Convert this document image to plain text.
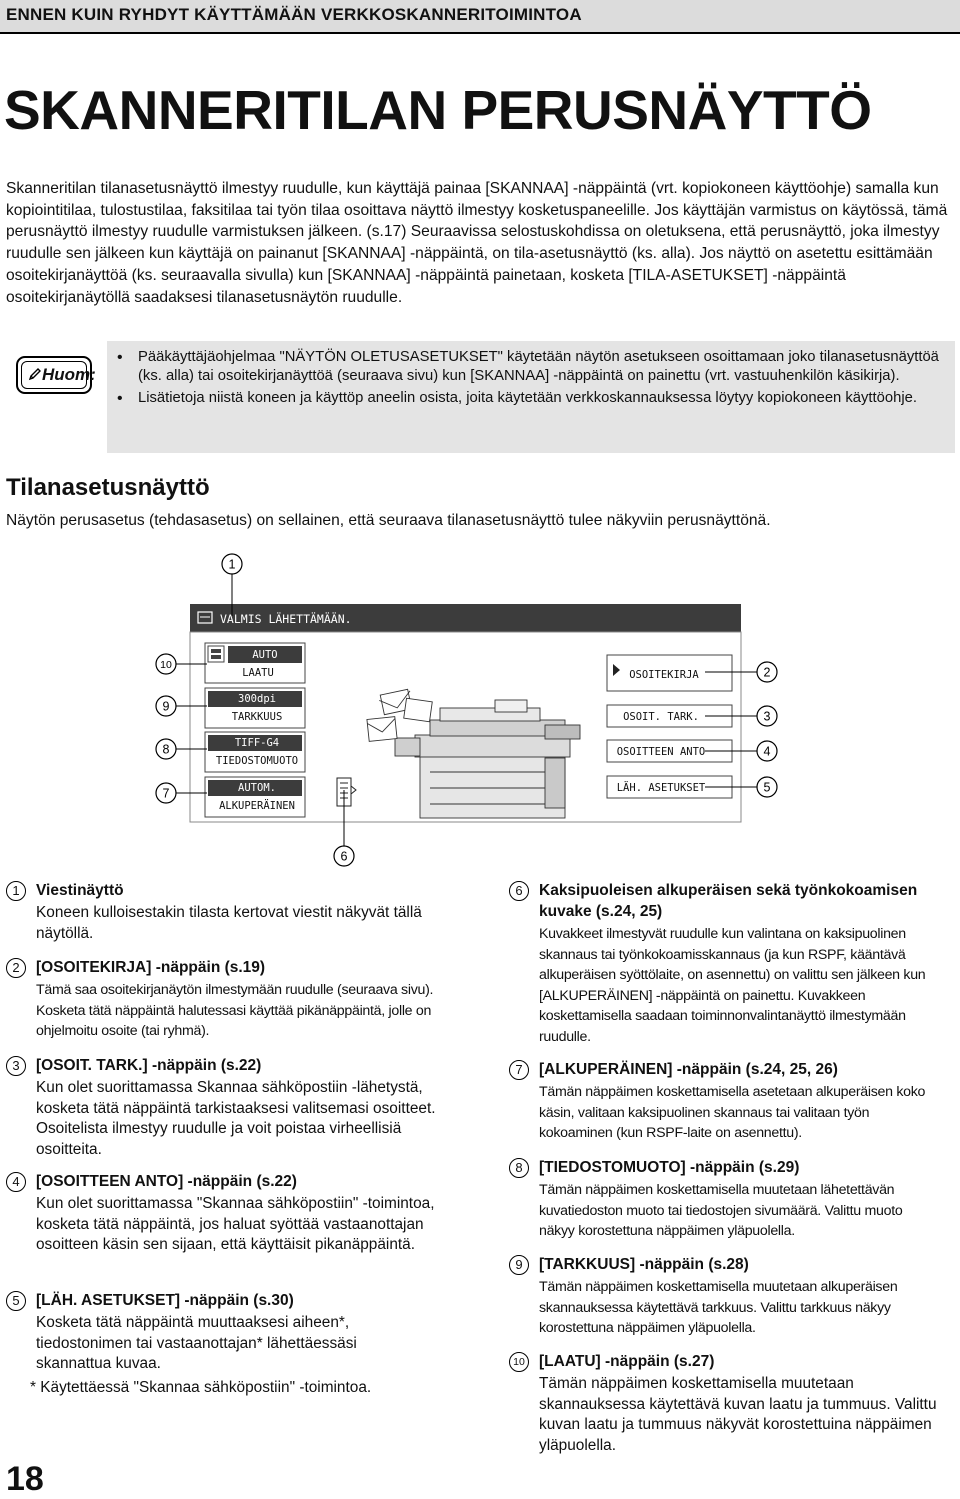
ENNEN KUIN RYHDYT KÄYTTÄMÄÄN VERKKOSKANNERITOIMINTOA
SKANNERITILAN PERUSNÄYTTÖ
Skanneritilan tilanasetusnäyttö ilmestyy ruudulle, kun käyttäjä painaa [SKANNAA] -näppäintä (vrt. kopiokoneen käyttöohje) samalla kun kopiointitilaa, tulostustilaa, faksitilaa tai työn tilaa osoittava näyttö ilmestyy kosketuspaneelille. Jos käyttäjän varmistus on käytössä, tämä perusnäyttö ilmestyy ruudulle varmistuksen jälkeen. (s.17) Seuraavissa selostuskohdissa on oletuksena, että perusnäyttö, joka ilmestyy ruudulle sen jälkeen kun käyttäjä on painanut [SKANNAA] -näppäintä, on tila-asetusnäyttö (ks. alla). Jos näyttö on asetettu esittämään osoitekirjanäyttöä (ks. seuraavalla sivulla) kun [SKANNAA] -näppäintä painetaan, kosketa [TILA-ASETUKSET] -näppäintä osoitekirjanäytöllä saadaksesi tilanasetusnäytön ruudulle.
Huom:
• Pääkäyttäjäohjelmaa "NÄYTÖN OLETUSASETUKSET" käytetään näytön asetukseen osoittamaan joko tilanasetusnäyttöä (ks. alla) tai osoitekirjanäyttöä (seuraava sivu) kun [SKANNAA] -näppäintä on painettu (vrt. vastuuhenkilön käsikirja).
• Lisätietoja niistä koneen ja käyttöp aneelin osista, joita käytetään verkkoskannauksessa löytyy kopiokoneen käyttöohje.
Tilanasetusnäyttö
Näytön perusasetus (tehdasasetus) on sellainen, että seuraava tilanasetusnäyttö tulee näkyviin perusnäyttönä.
VALMIS LÄHETTÄMÄÄN.
AUTO
LAATU
300dpi
TARKKUUS
TIFF-G4
TIEDOSTOMUOTO
AUTOM.
ALKUPERÄINEN
OSOITEKIRJA
OSOIT. TARK.
OSOITTEEN ANTO
LÄH. ASETUKSET
1
2
3
4
5
6
7
8
9
10
1	Viestinäyttö
Koneen kulloisestakin tilasta kertovat viestit näkyvät tällä näytöllä.
2	[OSOITEKIRJA] -näppäin (s.19)
Tämä saa osoitekirjanäytön ilmestymään ruudulle (seuraava sivu). Kosketa tätä näppäintä halutessasi käyttää pikänäppäintä, jolle on ohjelmoitu osoite (tai ryhmä).
3	[OSOIT. TARK.] -näppäin (s.22)
Kun olet suorittamassa Skannaa sähköpostiin -lähetystä, kosketa tätä näppäintä tarkistaaksesi valitsemasi osoitteet. Osoitelista ilmestyy ruudulle ja voit poistaa virheellisiä osoitteita.
4	[OSOITTEEN ANTO] -näppäin (s.22)
Kun olet suorittamassa "Skannaa sähköpostiin" -toimintoa, kosketa tätä näppäintä, jos haluat syöttää vastaanottajan osoitteen käsin sen sijaan, että käyttäisit pikanäppäintä.
5	[LÄH. ASETUKSET] -näppäin (s.30)
Kosketa tätä näppäintä muuttaaksesi aiheen*, tiedostonimen tai vastaanottajan* lähettäessäsi skannattua kuvaa.
* Käytettäessä "Skannaa sähköpostiin" -toimintoa.
6	Kaksipuoleisen alkuperäisen sekä työnkokoamisen kuvake (s.24, 25)
Kuvakkeet ilmestyvät ruudulle kun valintana on kaksipuolinen skannaus tai työnkokoamisskannaus (ja kun RSPF, kääntävä alkuperäisen syöttölaite, on asennettu) on valittu sen jälkeen kun [ALKUPERÄINEN] -näppäintä on painettu. Kuvakkeen koskettamisella saadaan toiminnonvalintanäyttö ilmestymään ruudulle.
7	[ALKUPERÄINEN] -näppäin (s.24, 25, 26)
Tämän näppäimen koskettamisella asetetaan alkuperäisen koko käsin, valitaan kaksipuolinen skannaus tai valitaan työn kokoaminen (kun RSPF-laite on asennettu).
8	[TIEDOSTOMUOTO] -näppäin (s.29)
Tämän näppäimen koskettamisella muutetaan lähetettävän kuvatiedoston muoto tai tiedostojen sivumäärä. Valittu muoto näkyy korostettuna näppäimen yläpuolella.
9	[TARKKUUS] -näppäin (s.28)
Tämän näppäimen koskettamisella muutetaan alkuperäisen skannauksessa käytettävä tarkkuus. Valittu tarkkuus näkyy korostettuna näppäimen yläpuolella.
10 [LAATU] -näppäin (s.27)
Tämän näppäimen koskettamisella muutetaan skannauksessa käytettävä kuvan laatu ja tummuus. Valittu kuvan laatu ja tummuus näkyvät korostettuina näppäimen yläpuolella.
18
